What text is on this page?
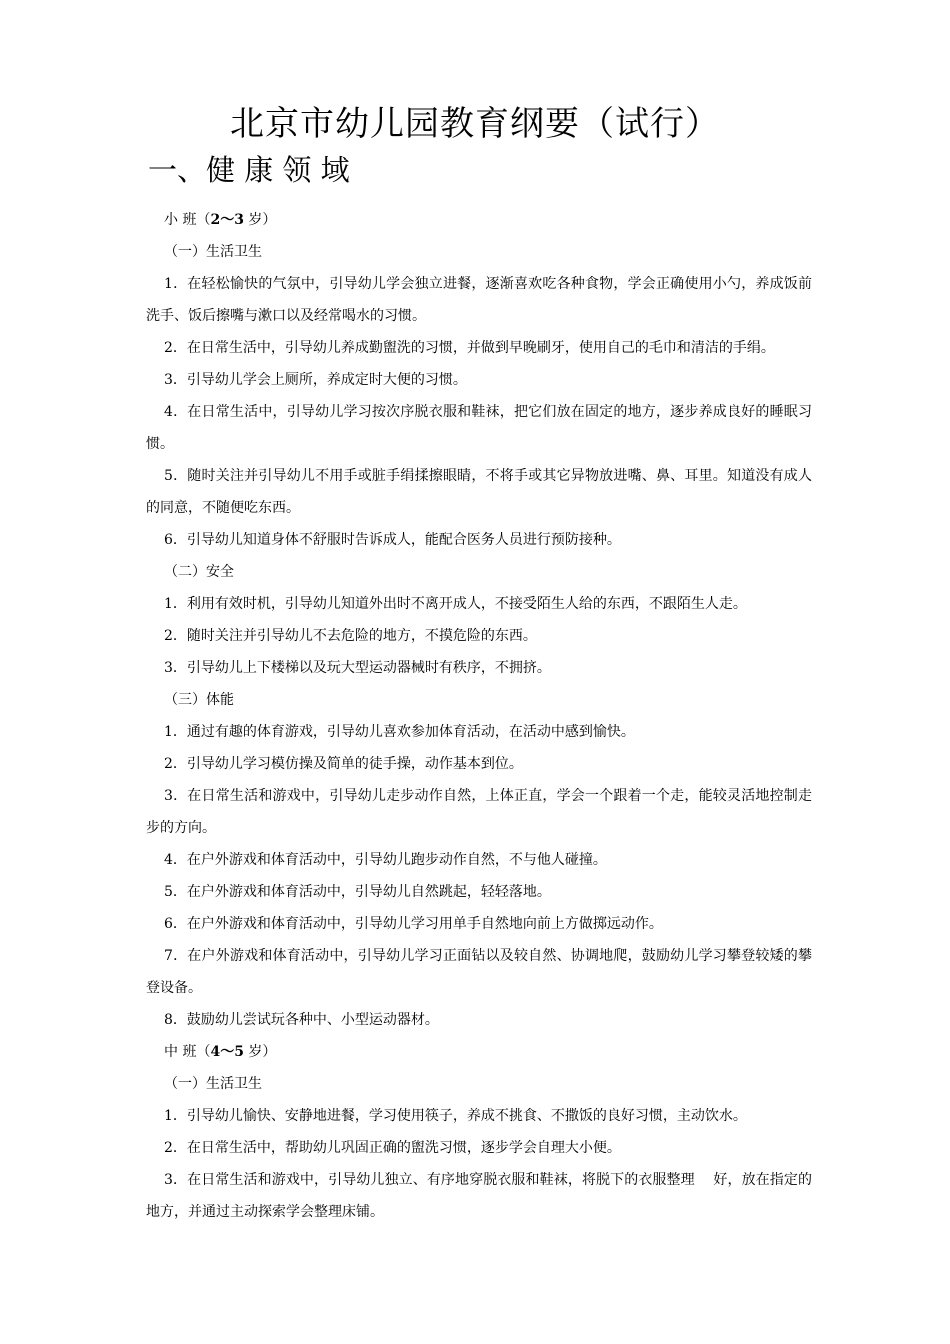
北京市幼儿园教育纲要（试行）
一、健 康 领 域

小 班（2～3 岁）

（一）生活卫生

1．在轻松愉快的气氛中，引导幼儿学会独立进餐，逐渐喜欢吃各种食物，学会正确使用小勺，养成饭前洗手、饭后擦嘴与漱口以及经常喝水的习惯。

2．在日常生活中，引导幼儿养成勤盥洗的习惯，并做到早晚刷牙，使用自己的毛巾和清洁的手绢。

3．引导幼儿学会上厕所，养成定时大便的习惯。

4．在日常生活中，引导幼儿学习按次序脱衣服和鞋袜，把它们放在固定的地方，逐步养成良好的睡眠习惯。

5．随时关注并引导幼儿不用手或脏手绢揉擦眼睛，不将手或其它异物放进嘴、鼻、耳里。知道没有成人的同意，不随便吃东西。

6．引导幼儿知道身体不舒服时告诉成人，能配合医务人员进行预防接种。

（二）安全

1．利用有效时机，引导幼儿知道外出时不离开成人，不接受陌生人给的东西，不跟陌生人走。

2．随时关注并引导幼儿不去危险的地方，不摸危险的东西。

3．引导幼儿上下楼梯以及玩大型运动器械时有秩序，不拥挤。

（三）体能

1．通过有趣的体育游戏，引导幼儿喜欢参加体育活动，在活动中感到愉快。

2．引导幼儿学习模仿操及简单的徒手操，动作基本到位。

3．在日常生活和游戏中，引导幼儿走步动作自然，上体正直，学会一个跟着一个走，能较灵活地控制走步的方向。

4．在户外游戏和体育活动中，引导幼儿跑步动作自然，不与他人碰撞。

5．在户外游戏和体育活动中，引导幼儿自然跳起，轻轻落地。

6．在户外游戏和体育活动中，引导幼儿学习用单手自然地向前上方做掷远动作。

7．在户外游戏和体育活动中，引导幼儿学习正面钻以及较自然、协调地爬，鼓励幼儿学习攀登较矮的攀登设备。

8．鼓励幼儿尝试玩各种中、小型运动器材。

中 班（4～5 岁）

（一）生活卫生

1．引导幼儿愉快、安静地进餐，学习使用筷子，养成不挑食、不撒饭的良好习惯，主动饮水。

2．在日常生活中，帮助幼儿巩固正确的盥洗习惯，逐步学会自理大小便。

3．在日常生活和游戏中，引导幼儿独立、有序地穿脱衣服和鞋袜，将脱下的衣服整理　 好，放在指定的地方，并通过主动探索学会整理床铺。
